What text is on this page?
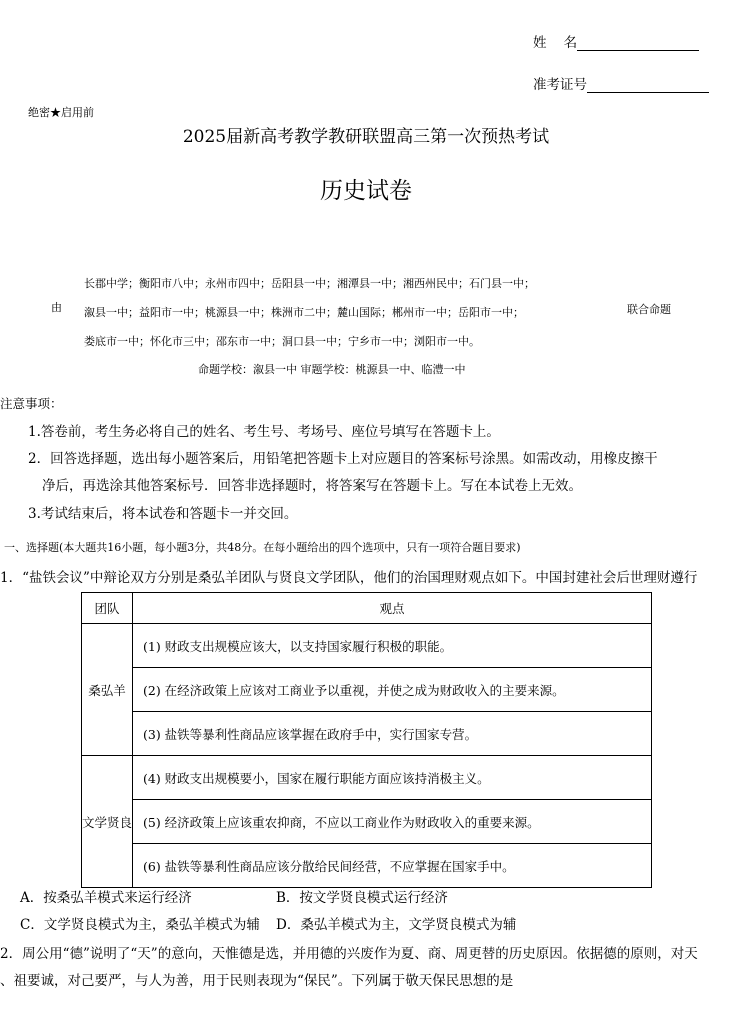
姓    名
准考证号
绝密★启用前
2025届新高考教学教研联盟高三第一次预热考试
历史试卷
由
长郡中学；衡阳市八中；永州市四中；岳阳县一中；湘潭县一中；湘西州民中；石门县一中；
溆县一中；益阳市一中；桃源县一中；株洲市二中；麓山国际；郴州市一中；岳阳市一中；
娄底市一中；怀化市三中；邵东市一中；洞口县一中；宁乡市一中；浏阳市一中。
联合命题
命题学校：溆县一中 审题学校：桃源县一中、临澧一中
注意事项：
1.答卷前，考生务必将自己的姓名、考生号、考场号、座位号填写在答题卡上。
2．回答选择题，选出每小题答案后，用铅笔把答题卡上对应题目的答案标号涂黑。如需改动，用橡皮擦干
净后，再选涂其他答案标号．回答非选择题时，将答案写在答题卡上。写在本试卷上无效。
3.考试结束后，将本试卷和答题卡一并交回。
一、选择题(本大题共16小题，每小题3分，共48分。在每小题给出的四个选项中，只有一项符合题目要求)
1．“盐铁会议”中辩论双方分别是桑弘羊团队与贤良文学团队，他们的治国理财观点如下。中国封建社会后世理财遵行
团队	观点
桑弘羊	(1) 财政支出规模应该大，以支持国家履行积极的职能。
	(2) 在经济政策上应该对工商业予以重视，并使之成为财政收入的主要来源。
	(3) 盐铁等暴利性商品应该掌握在政府手中，实行国家专营。
文学贤良	(4) 财政支出规模要小，国家在履行职能方面应该持消极主义。
	(5) 经济政策上应该重农抑商，不应以工商业作为财政收入的重要来源。
	(6) 盐铁等暴利性商品应该分散给民间经营，不应掌握在国家手中。
A．按桑弘羊模式来运行经济	B．按文学贤良模式运行经济
C．文学贤良模式为主，桑弘羊模式为辅 D．桑弘羊模式为主，文学贤良模式为辅
2．周公用“德”说明了“天”的意向，天惟德是选，并用德的兴废作为夏、商、周更替的历史原因。依据德的原则，对天
、祖要诚，对己要严，与人为善，用于民则表现为“保民”。下列属于敬天保民思想的是
